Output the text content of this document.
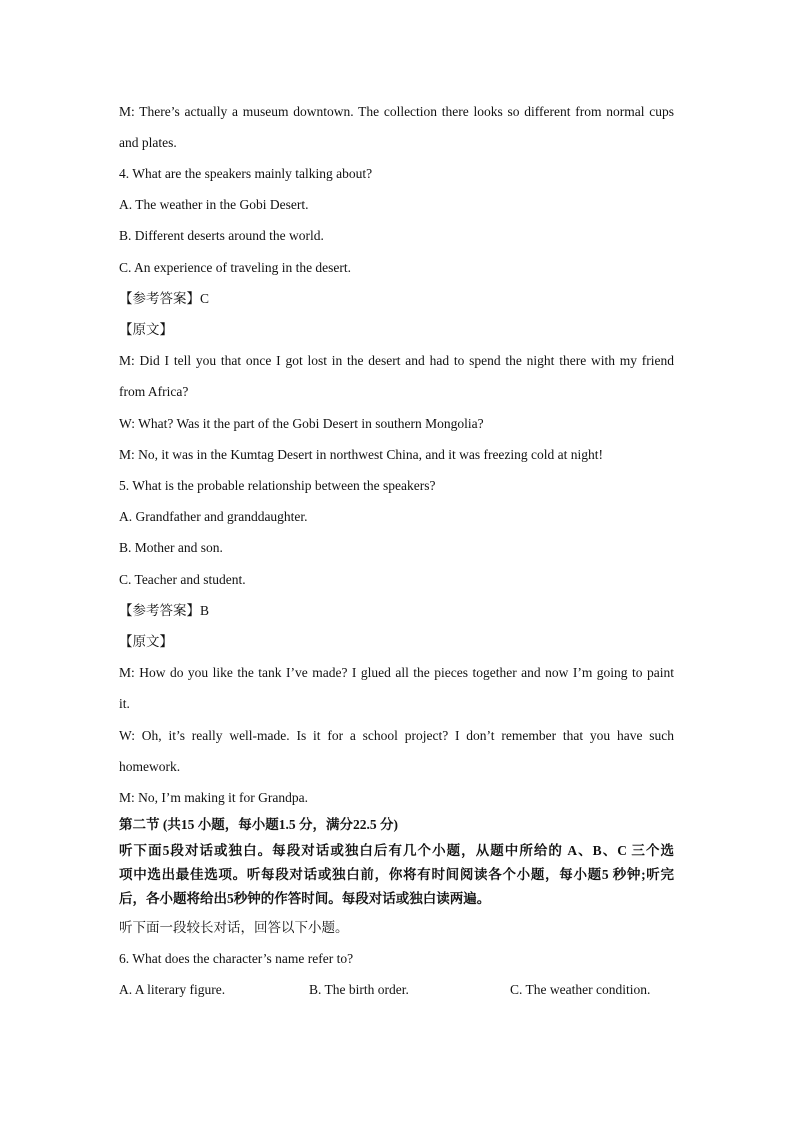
M: There’s actually a museum downtown. The collection there looks so different from normal cups
and plates.
4. What are the speakers mainly talking about?
A. The weather in the Gobi Desert.
B. Different deserts around the world.
C. An experience of traveling in the desert.
【参考答案】C
【原文】
M: Did I tell you that once I got lost in the desert and had to spend the night there with my friend
from Africa?
W: What? Was it the part of the Gobi Desert in southern Mongolia?
M: No, it was in the Kumtag Desert in northwest China, and it was freezing cold at night!
5. What is the probable relationship between the speakers?
A. Grandfather and granddaughter.
B. Mother and son.
C. Teacher and student.
【参考答案】B
【原文】
M: How do you like the tank I’ve made? I glued all the pieces together and now I’m going to paint
it.
W: Oh, it’s really well-made. Is it for a school project? I don’t remember that you have such
homework.
M: No, I’m making it for Grandpa.
第二节 (共15 小题，每小题1.5 分，满分22.5 分)
听下面5段对话或独白。每段对话或独白后有几个小题，从题中所给的 A、B、C 三个选
项中选出最佳选项。听每段对话或独白前，你将有时间阅读各个小题，每小题5 秒钟;听完
后，各小题将给出5秒钟的作答时间。每段对话或独白读两遍。
听下面一段较长对话，回答以下小题。
6. What does the character’s name refer to?
A. A literary figure.	B. The birth order.	C. The weather condition.
